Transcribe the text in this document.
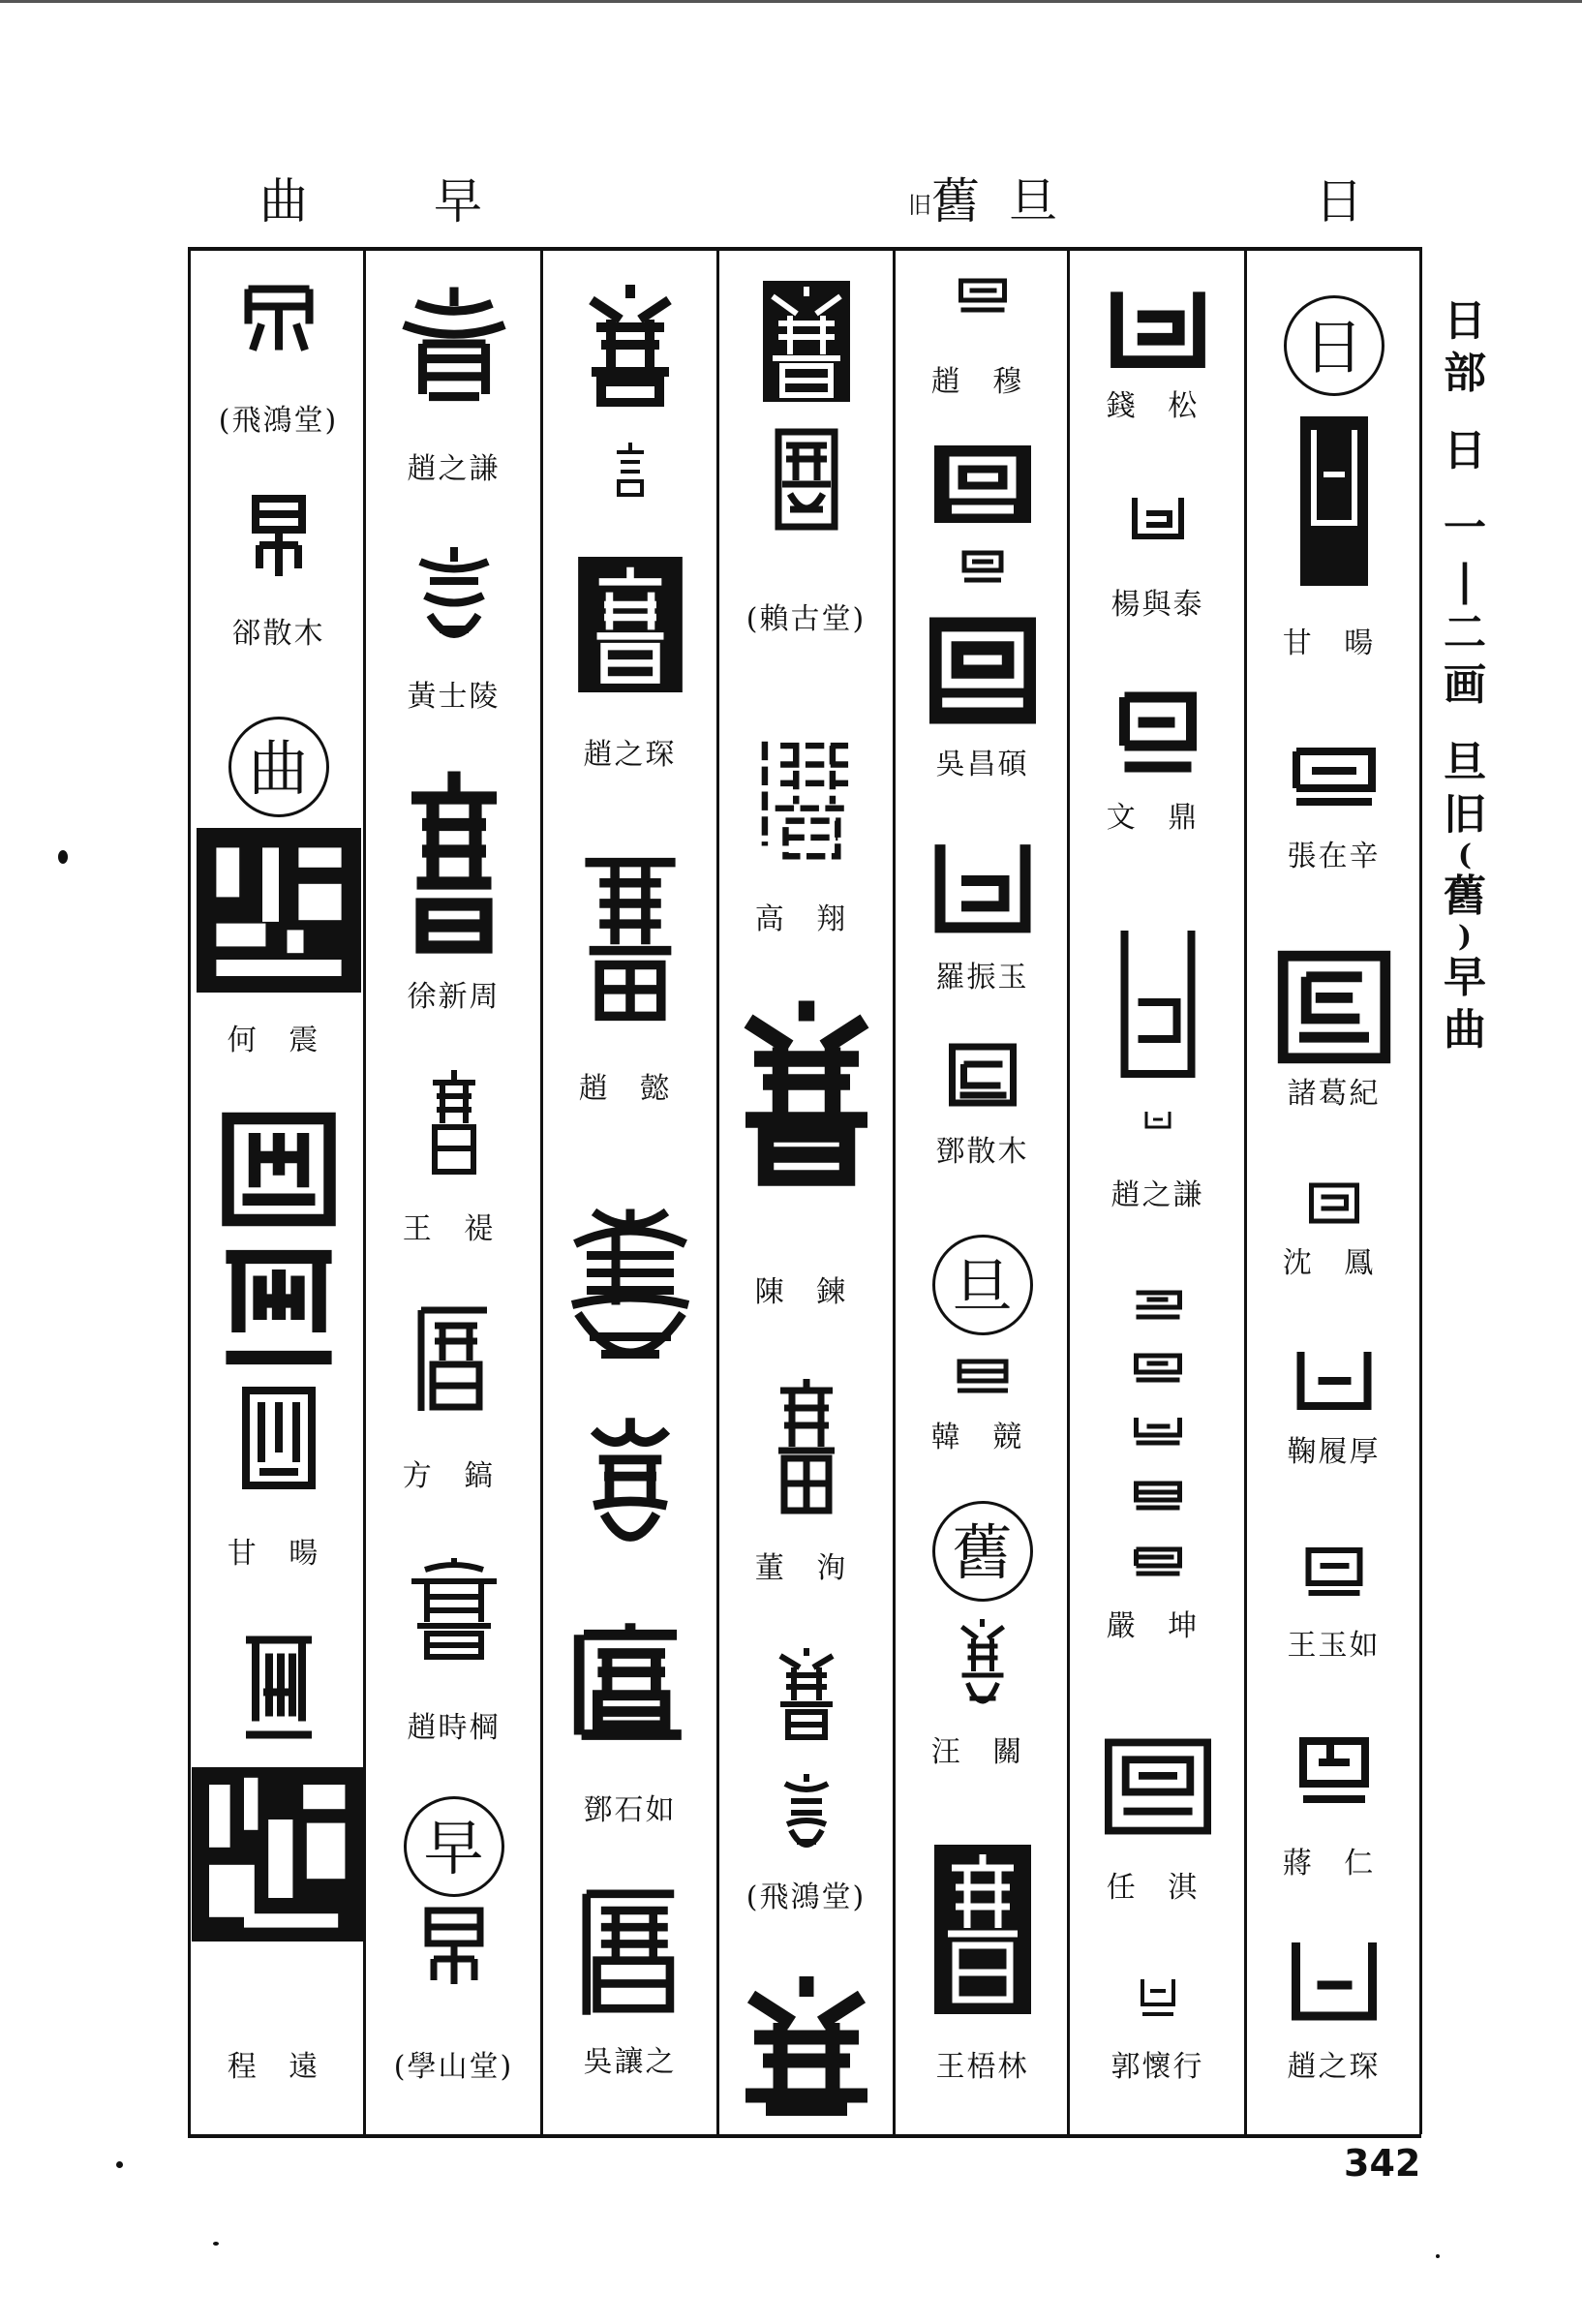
曲	早	旧舊 旦	日
(飛鴻堂)
郤散木
曲
何 震
甘 暘
程 遠
趙之謙
黃士陵
徐新周
王 禔
方 鎬
趙時棡
早
(學山堂)
趙之琛
趙 懿
鄧石如
吳讓之
(賴古堂)
高 翔
陳 鍊
董 洵
(飛鴻堂)
趙 穆
吳昌碩
羅振玉
鄧散木
旦
韓 競
舊
汪 關
王梧林
錢 松
楊與泰
文 鼎
趙之謙
嚴 坤
任 淇
郭懷行
日
甘 暘
張在辛
諸葛紀
沈 鳳
鞠履厚
王玉如
蔣 仁
趙之琛
日
部
日
一
|
二
画
旦
旧
(
舊
)
早
曲
342
